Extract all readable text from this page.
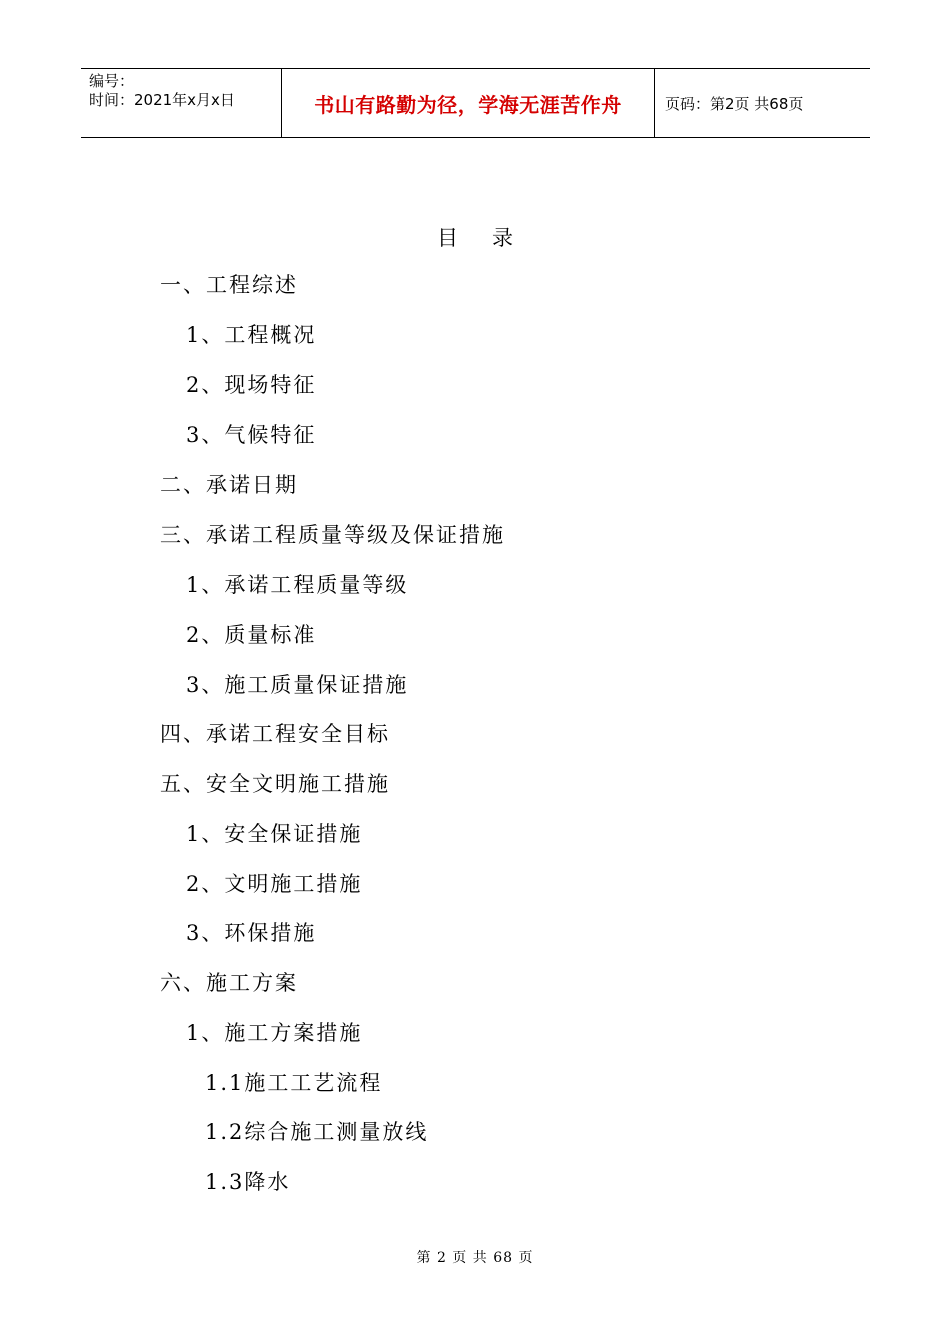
编号：
时间：2021年x月x日	书山有路勤为径，学海无涯苦作舟	页码：第2页 共68页
目录
一、工程综述
1、工程概况
2、现场特征
3、气候特征
二、承诺日期
三、承诺工程质量等级及保证措施
1、承诺工程质量等级
2、质量标准
3、施工质量保证措施
四、承诺工程安全目标
五、安全文明施工措施
1、安全保证措施
2、文明施工措施
3、环保措施
六、施工方案
1、施工方案措施
1.1施工工艺流程
1.2综合施工测量放线
1.3降水
第 2 页 共 68 页
